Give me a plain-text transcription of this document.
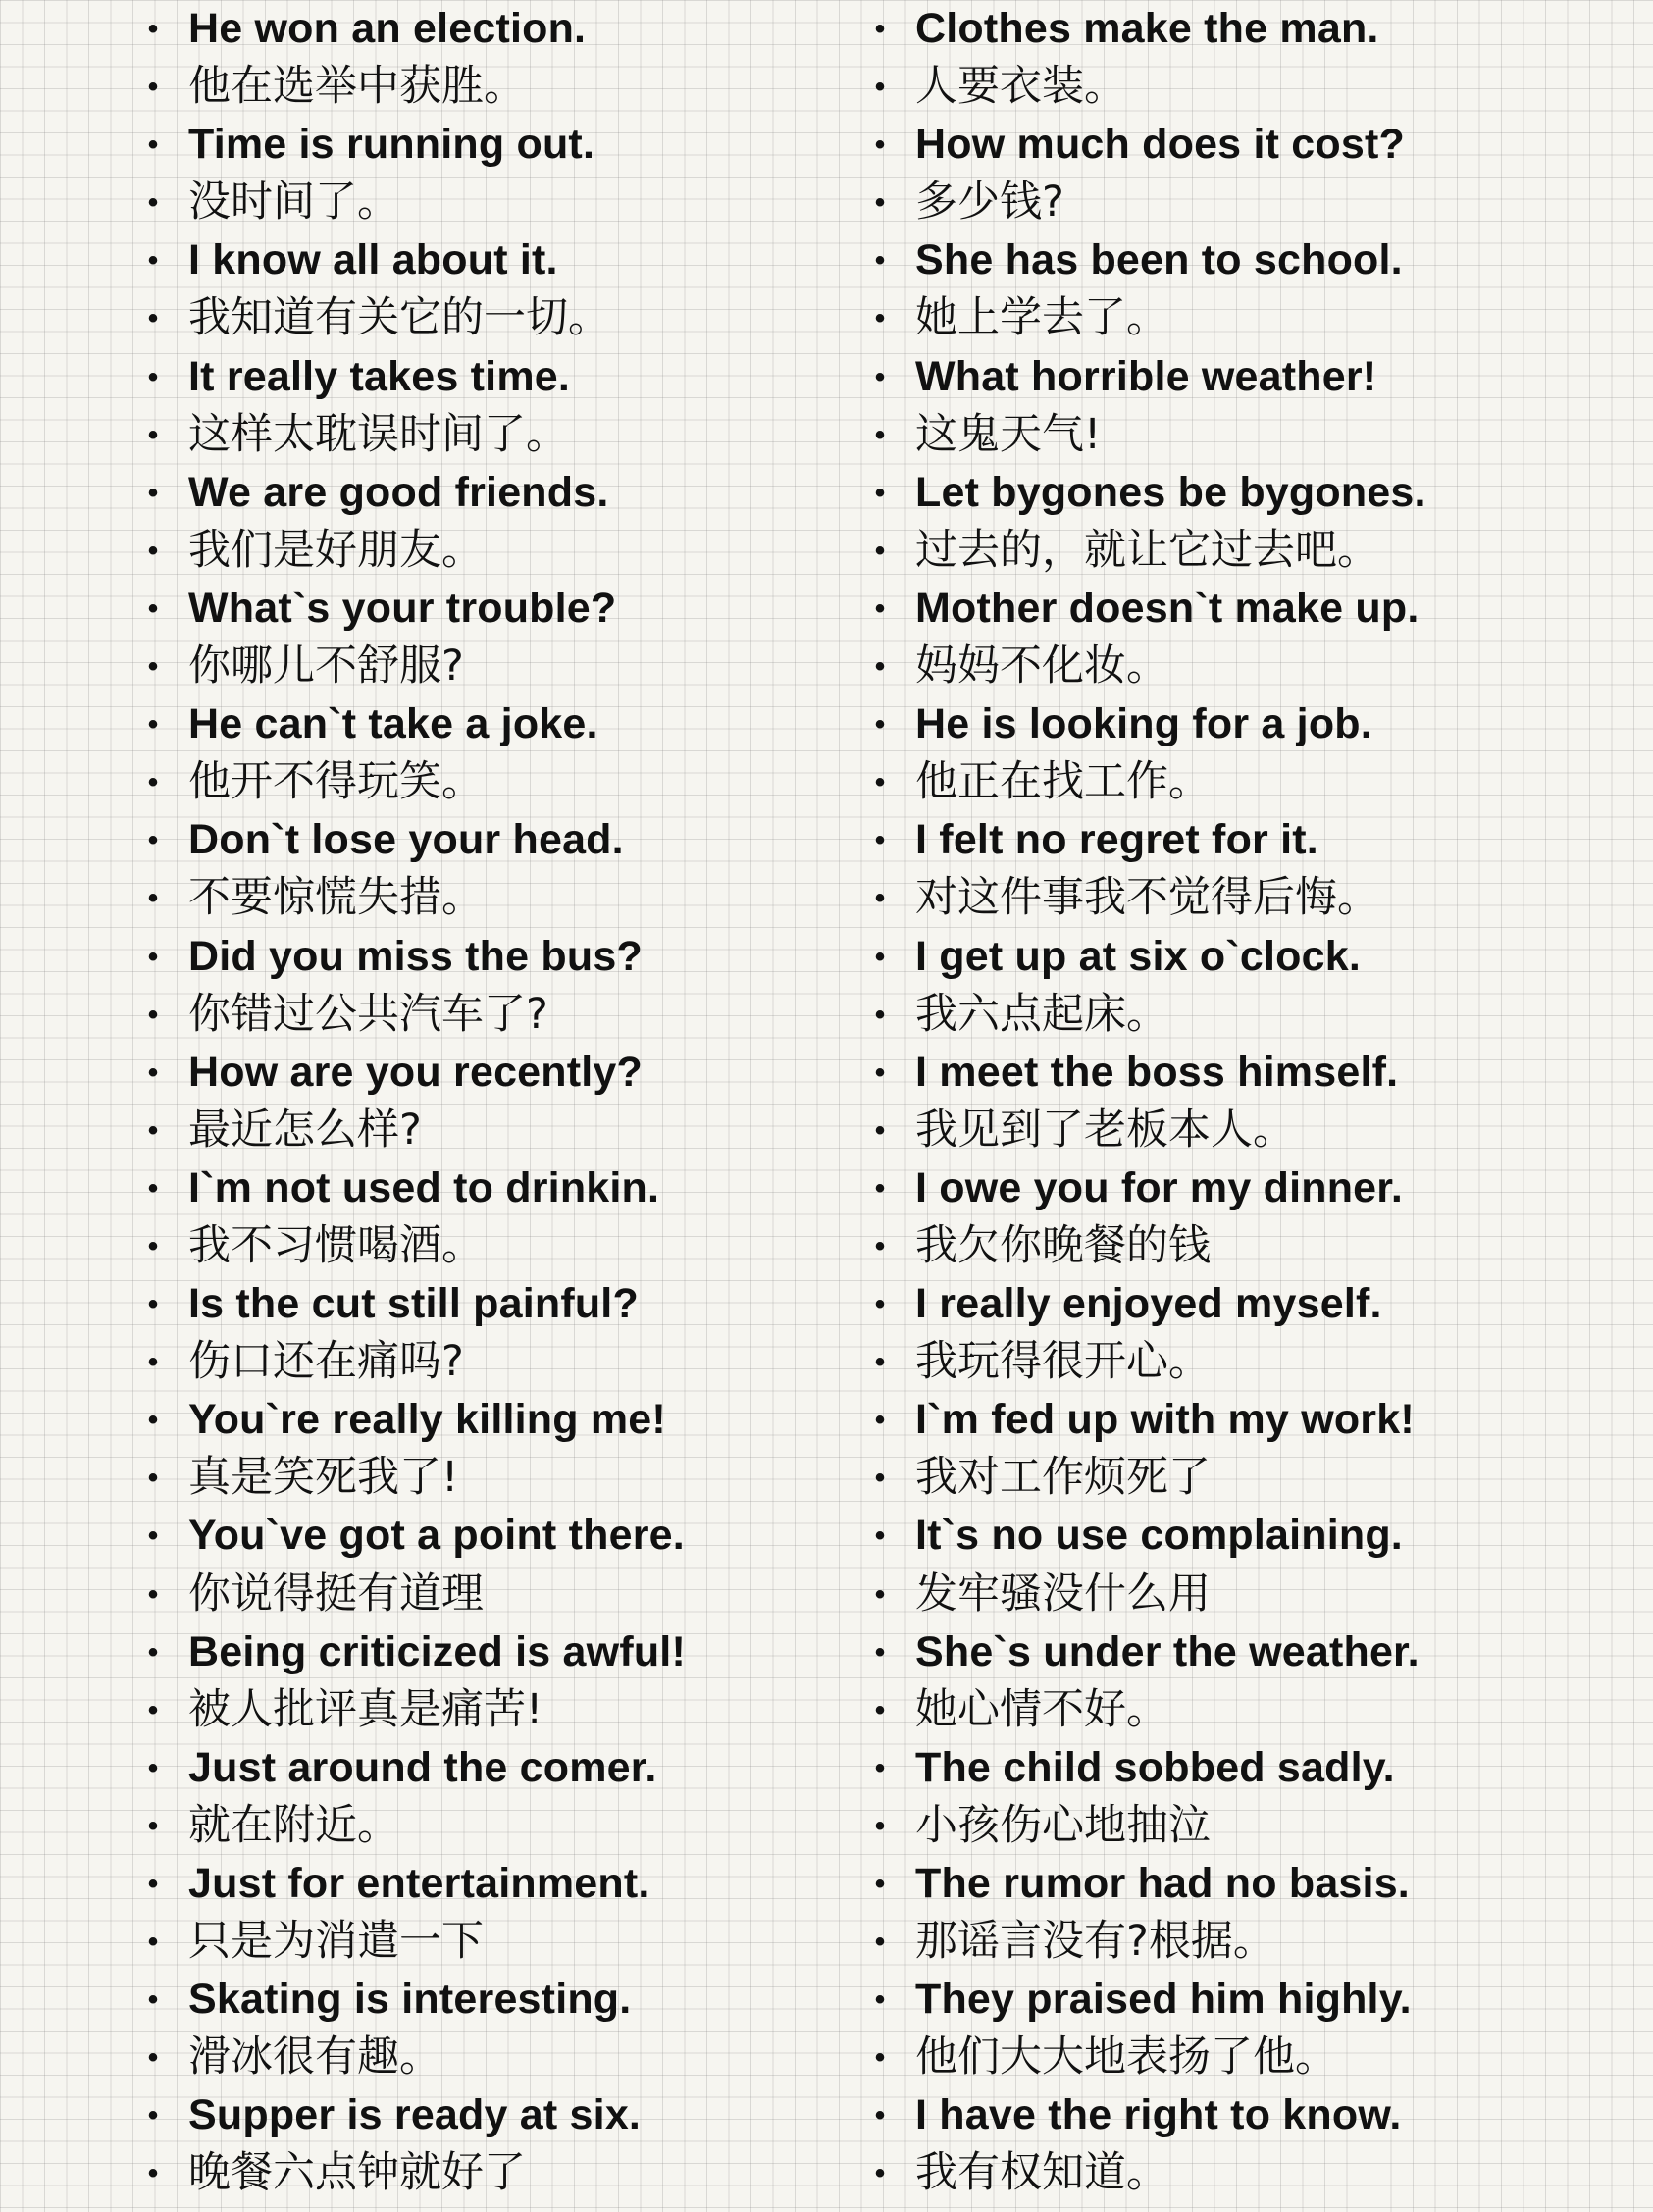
• He won an election.
• 他在选举中获胜。
• Time is running out.
• 没时间了。
• I know all about it.
• 我知道有关它的一切。
• It really takes time.
• 这样太耽误时间了。
• We are good friends.
• 我们是好朋友。
• What`s your trouble?
• 你哪儿不舒服?
• He can`t take a joke.
• 他开不得玩笑。
• Don`t lose your head.
• 不要惊慌失措。
• Did you miss the bus?
• 你错过公共汽车了?
• How are you recently?
• 最近怎么样?
• I`m not used to drinkin.
• 我不习惯喝酒。
• Is the cut still painful?
• 伤口还在痛吗?
• You`re really killing me!
• 真是笑死我了!
• You`ve got a point there.
• 你说得挺有道理
• Being criticized is awful!
• 被人批评真是痛苦!
• Just around the comer.
• 就在附近。
• Just for entertainment.
• 只是为消遣一下
• Skating is interesting.
• 滑冰很有趣。
• Supper is ready at six.
• 晚餐六点钟就好了
• Clothes make the man.
• 人要衣装。
• How much does it cost?
• 多少钱?
• She has been to school.
• 她上学去了。
• What horrible weather!
• 这鬼天气!
• Let bygones be bygones.
• 过去的，就让它过去吧。
• Mother doesn`t make up.
• 妈妈不化妆。
• He is looking for a job.
• 他正在找工作。
• I felt no regret for it.
• 对这件事我不觉得后悔。
• I get up at six o`clock.
• 我六点起床。
• I meet the boss himself.
• 我见到了老板本人。
• I owe you for my dinner.
• 我欠你晚餐的钱
• I really enjoyed myself.
• 我玩得很开心。
• I`m fed up with my work!
• 我对工作烦死了
• It`s no use complaining.
• 发牢骚没什么用
• She`s under the weather.
• 她心情不好。
• The child sobbed sadly.
• 小孩伤心地抽泣
• The rumor had no basis.
• 那谣言没有?根据。
• They praised him highly.
• 他们大大地表扬了他。
• I have the right to know.
• 我有权知道。
